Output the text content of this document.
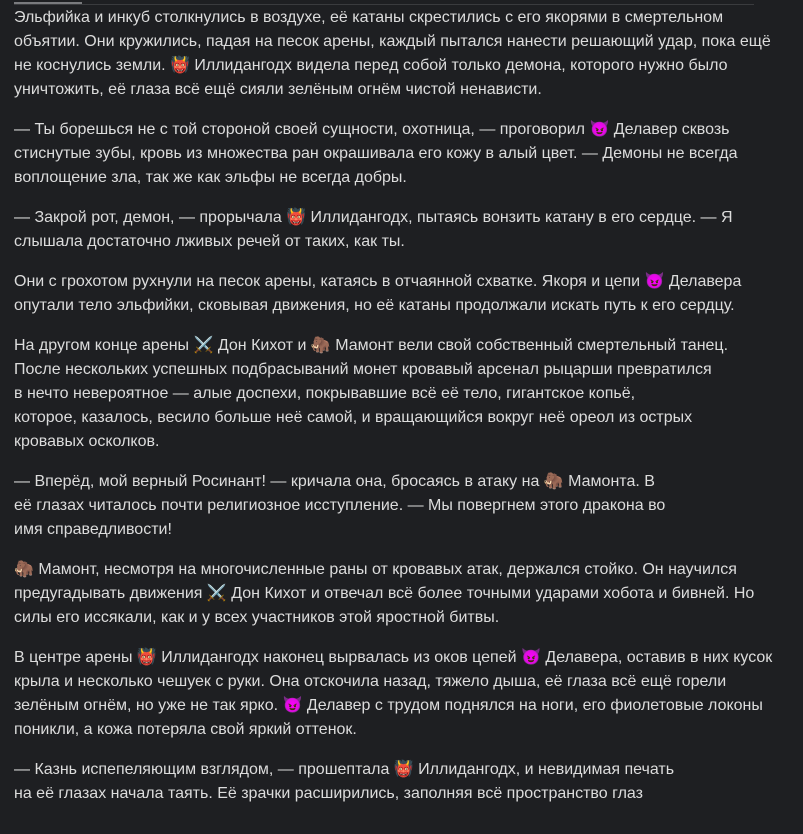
Эльфийка и инкуб столкнулись в воздухе, её катаны скрестились с его якорями в смертельном объятии. Они кружились, падая на песок арены, каждый пытался нанести решающий удар, пока ещё не коснулись земли. 👹 Иллидангодх видела перед собой только демона, которого нужно было уничтожить, её глаза всё ещё сияли зелёным огнём чистой ненависти.

— Ты борешься не с той стороной своей сущности, охотница, — проговорил 😈 Делавер сквозь стиснутые зубы, кровь из множества ран окрашивала его кожу в алый цвет. — Демоны не всегда воплощение зла, так же как эльфы не всегда добры.

— Закрой рот, демон, — прорычала 👹 Иллидангодх, пытаясь вонзить катану в его сердце. — Я слышала достаточно лживых речей от таких, как ты.

Они с грохотом рухнули на песок арены, катаясь в отчаянной схватке. Якоря и цепи 😈 Делавера опутали тело эльфийки, сковывая движения, но её катаны продолжали искать путь к его сердцу.

На другом конце арены ⚔️ Дон Кихот и 🦣 Мамонт вели свой собственный смертельный танец.
После нескольких успешных подбрасываний монет кровавый арсенал рыцарши превратился
в нечто невероятное — алые доспехи, покрывавшие всё её тело, гигантское копьё,
которое, казалось, весило больше неё самой, и вращающийся вокруг неё ореол из острых
кровавых осколков.

— Вперёд, мой верный Росинант! — кричала она, бросаясь в атаку на 🦣 Мамонта. В
её глазах читалось почти религиозное исступление. — Мы повергнем этого дракона во
имя справедливости!

🦣 Мамонт, несмотря на многочисленные раны от кровавых атак, держался стойко. Он научился предугадывать движения ⚔️ Дон Кихот и отвечал всё более точными ударами хобота и бивней. Но силы его иссякали, как и у всех участников этой яростной битвы.

В центре арены 👹 Иллидангодх наконец вырвалась из оков цепей 😈 Делавера, оставив в них кусок крыла и несколько чешуек с руки. Она отскочила назад, тяжело дыша, её глаза всё ещё горели зелёным огнём, но уже не так ярко. 😈 Делавер с трудом поднялся на ноги, его фиолетовые локоны поникли, а кожа потеряла свой яркий оттенок.

— Казнь испепеляющим взглядом, — прошептала 👹 Иллидангодх, и невидимая печать
на её глазах начала таять. Её зрачки расширились, заполняя всё пространство глаз
